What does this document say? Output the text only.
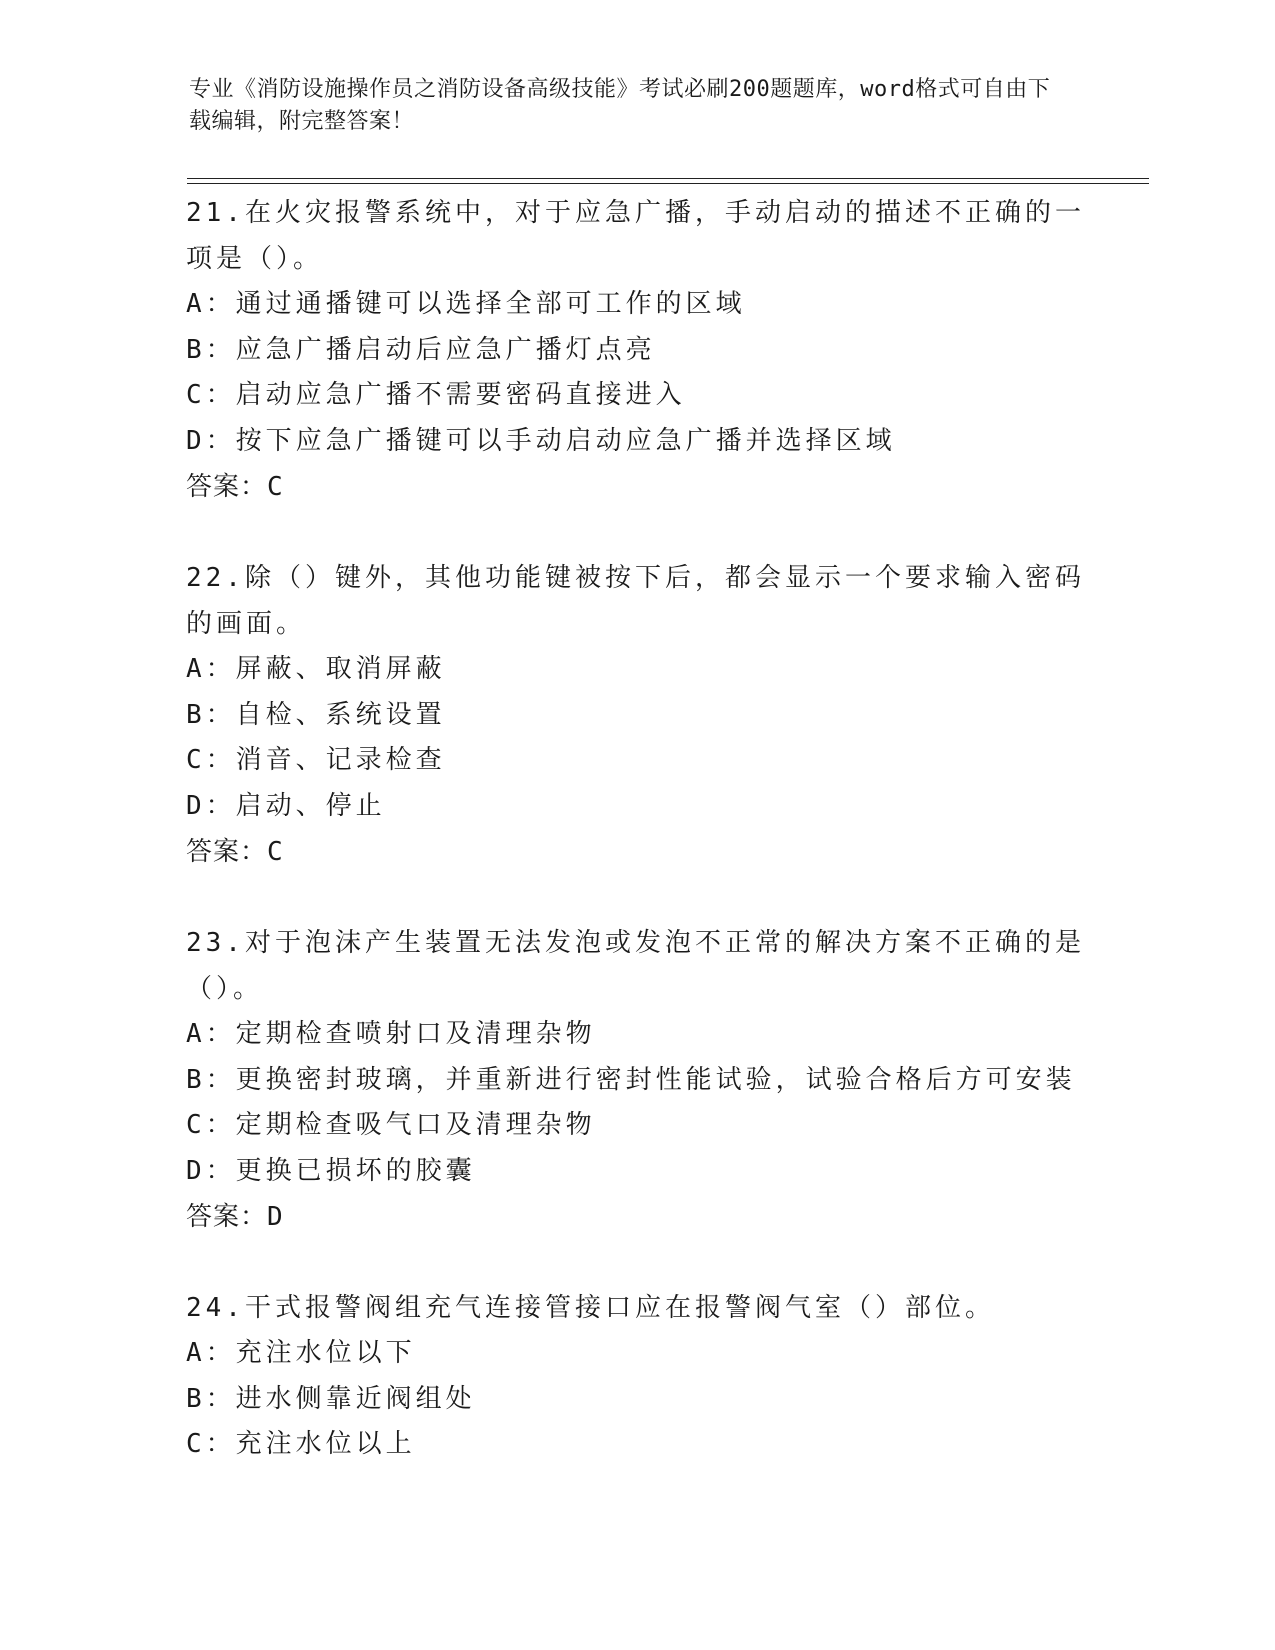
专业《消防设施操作员之消防设备高级技能》考试必刷200题题库，word格式可自由下载编辑，附完整答案！
21.在火灾报警系统中，对于应急广播，手动启动的描述不正确的一项是（）。
A：通过通播键可以选择全部可工作的区域
B：应急广播启动后应急广播灯点亮
C：启动应急广播不需要密码直接进入
D：按下应急广播键可以手动启动应急广播并选择区域
答案：C
22.除（）键外，其他功能键被按下后，都会显示一个要求输入密码的画面。
A：屏蔽、取消屏蔽
B：自检、系统设置
C：消音、记录检查
D：启动、停止
答案：C
23.对于泡沫产生装置无法发泡或发泡不正常的解决方案不正确的是（）。
A：定期检查喷射口及清理杂物
B：更换密封玻璃，并重新进行密封性能试验，试验合格后方可安装
C：定期检查吸气口及清理杂物
D：更换已损坏的胶囊
答案：D
24.干式报警阀组充气连接管接口应在报警阀气室（）部位。
A：充注水位以下
B：进水侧靠近阀组处
C：充注水位以上
